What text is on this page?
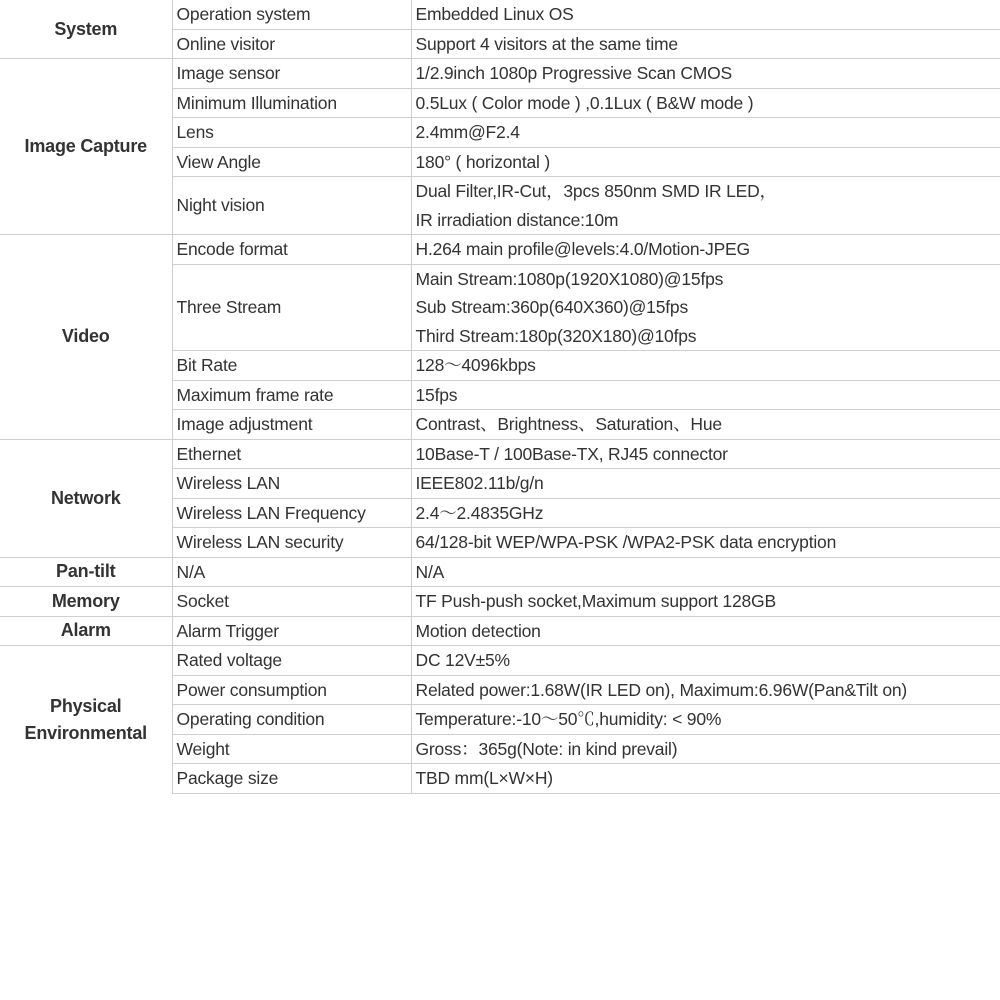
System	Operation system	Embedded Linux OS

	Online visitor	Support 4 visitors at the same time

Image Capture	Image sensor	1/2.9inch 1080p Progressive Scan CMOS

	Minimum Illumination	0.5Lux ( Color mode ) ,0.1Lux ( B&W mode )

	Lens	2.4mm@F2.4

	View Angle	180° ( horizontal )

	Night vision	Dual Filter,IR-Cut，3pcs 850nm SMD IR LED，
IR irradiation distance:10m

Video	Encode format	H.264 main profile@levels:4.0/Motion-JPEG

	Three Stream	Main Stream:1080p(1920X1080)@15fps
Sub Stream:360p(640X360)@15fps
Third Stream:180p(320X180)@10fps

	Bit Rate	128～4096kbps

	Maximum frame rate	15fps

	Image adjustment	Contrast、Brightness、Saturation、Hue

Network	Ethernet	10Base-T / 100Base-TX, RJ45 connector

	Wireless LAN	IEEE802.11b/g/n

	Wireless LAN Frequency	2.4～2.4835GHz

	Wireless LAN security	64/128-bit WEP/WPA-PSK /WPA2-PSK data encryption

Pan-tilt	N/A	N/A

Memory	Socket	TF Push-push socket,Maximum support 128GB

Alarm	Alarm Trigger	Motion detection

Physical
Environmental	Rated voltage	DC 12V±5%

	Power consumption	Related power:1.68W(IR LED on), Maximum:6.96W(Pan&Tilt on)

	Operating condition	Temperature:-10～50℃,humidity: < 90%

	Weight	Gross：365g(Note: in kind prevail)

	Package size	TBD mm(L×W×H)
